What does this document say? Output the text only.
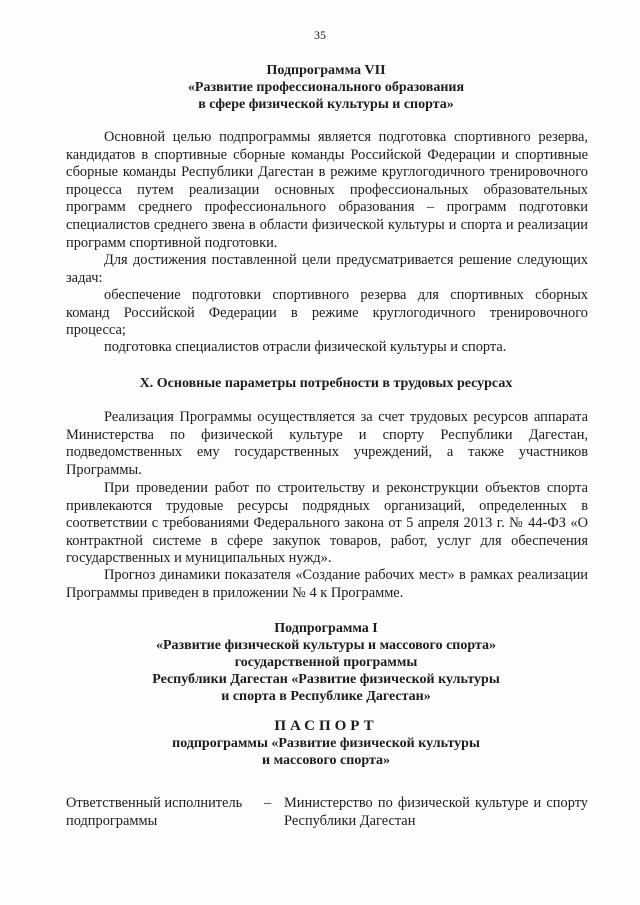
35
Подпрограмма VII
«Развитие профессионального образования
в сфере физической культуры и спорта»
Основной целью подпрограммы является подготовка спортивного резерва, кандидатов в спортивные сборные команды Российской Федерации и спортивные сборные команды Республики Дагестан в режиме круглогодичного тренировочного процесса путем реализации основных профессиональных образовательных программ среднего профессионального образования – программ подготовки специалистов среднего звена в области физической культуры и спорта и реализации программ спортивной подготовки.
Для достижения поставленной цели предусматривается решение следующих задач:
обеспечение подготовки спортивного резерва для спортивных сборных команд Российской Федерации в режиме круглогодичного тренировочного процесса;
подготовка специалистов отрасли физической культуры и спорта.
X. Основные параметры потребности в трудовых ресурсах
Реализация Программы осуществляется за счет трудовых ресурсов аппарата Министерства по физической культуре и спорту Республики Дагестан, подведомственных ему государственных учреждений, а также участников Программы.
При проведении работ по строительству и реконструкции объектов спорта привлекаются трудовые ресурсы подрядных организаций, определенных в соответствии с требованиями Федерального закона от 5 апреля 2013 г. № 44-ФЗ «О контрактной системе в сфере закупок товаров, работ, услуг для обеспечения государственных и муниципальных нужд».
Прогноз динамики показателя «Создание рабочих мест» в рамках реализации Программы приведен в приложении № 4 к Программе.
Подпрограмма I
«Развитие физической культуры и массового спорта»
государственной программы
Республики Дагестан «Развитие физической культуры
и спорта в Республике Дагестан»
ПАСПОРТ
подпрограммы «Развитие физической культуры
и массового спорта»
Ответственный исполнитель
подпрограммы
– Министерство по физической культуре и спорту Республики Дагестан
